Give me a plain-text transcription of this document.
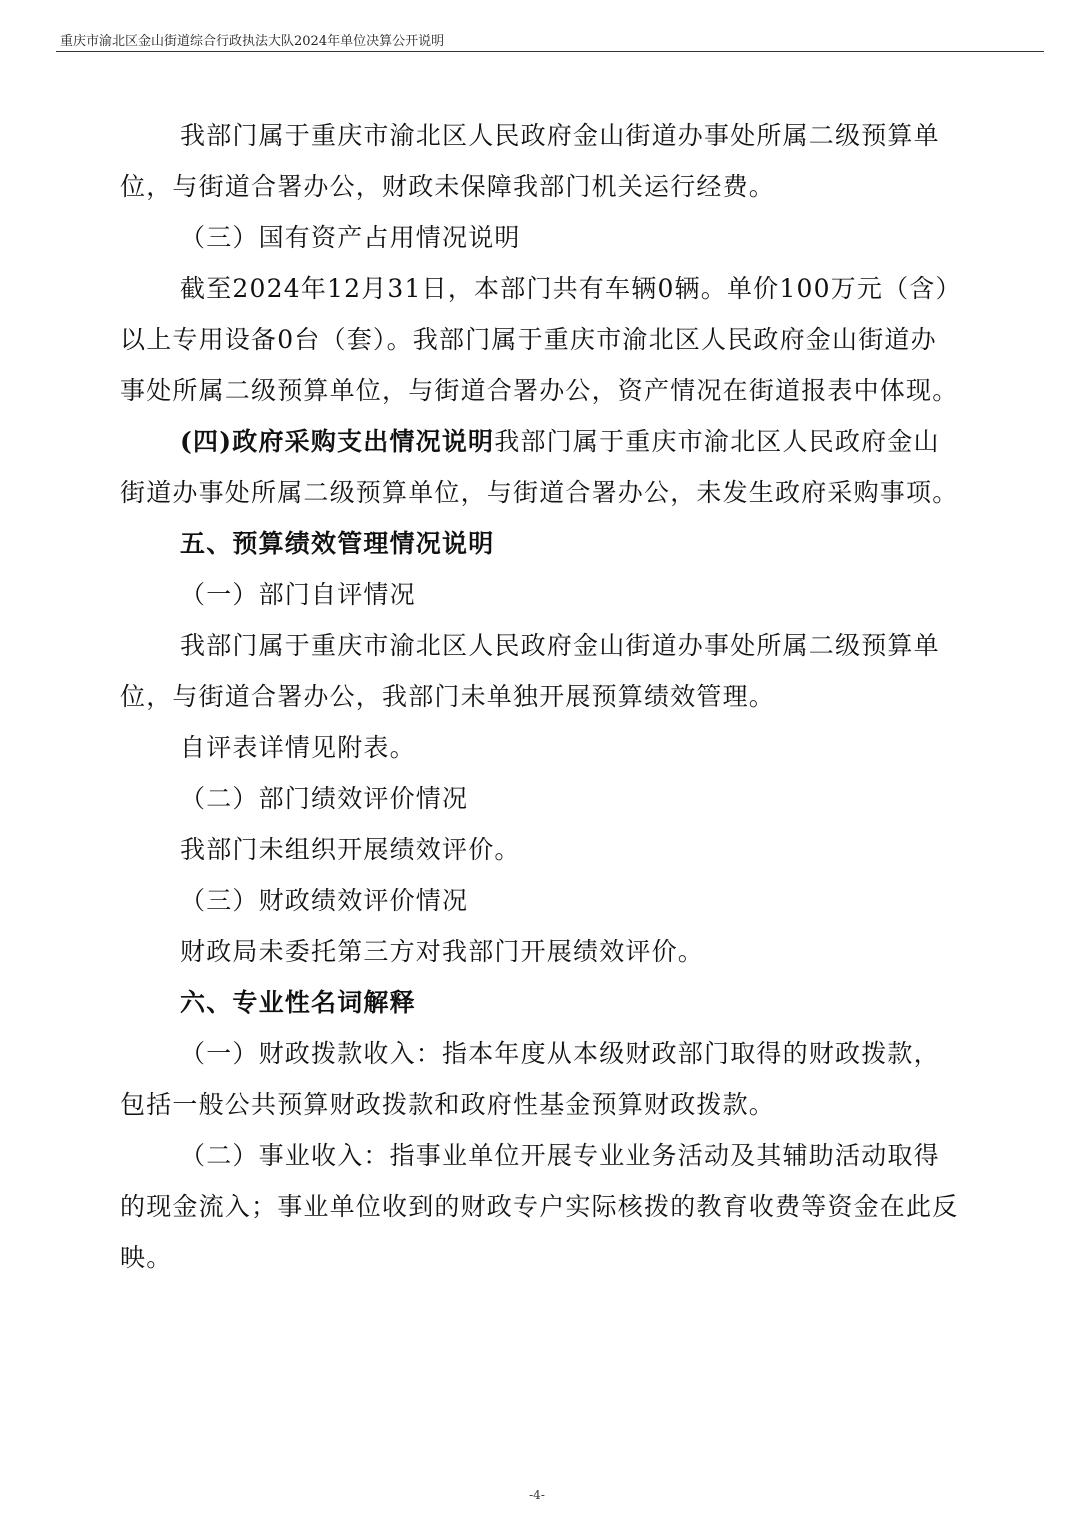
重庆市渝北区金山街道综合行政执法大队2024年单位决算公开说明

我部门属于重庆市渝北区人民政府金山街道办事处所属二级预算单位，与街道合署办公，财政未保障我部门机关运行经费。

（三）国有资产占用情况说明

截至2024年12月31日，本部门共有车辆0辆。单价100万元（含）以上专用设备0台（套）。我部门属于重庆市渝北区人民政府金山街道办事处所属二级预算单位，与街道合署办公，资产情况在街道报表中体现。

(四)政府采购支出情况说明我部门属于重庆市渝北区人民政府金山街道办事处所属二级预算单位，与街道合署办公，未发生政府采购事项。

五、预算绩效管理情况说明

（一）部门自评情况

我部门属于重庆市渝北区人民政府金山街道办事处所属二级预算单位，与街道合署办公，我部门未单独开展预算绩效管理。

自评表详情见附表。

（二）部门绩效评价情况

我部门未组织开展绩效评价。

（三）财政绩效评价情况

财政局未委托第三方对我部门开展绩效评价。

六、专业性名词解释

（一）财政拨款收入：指本年度从本级财政部门取得的财政拨款，包括一般公共预算财政拨款和政府性基金预算财政拨款。

（二）事业收入：指事业单位开展专业业务活动及其辅助活动取得的现金流入；事业单位收到的财政专户实际核拨的教育收费等资金在此反映。

-4-
